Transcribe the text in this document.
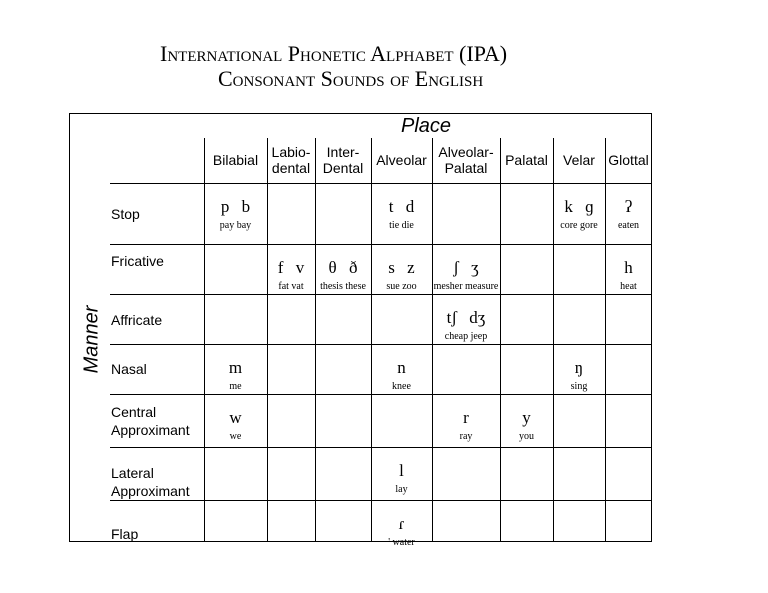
International Phonetic Alphabet (IPA)
Consonant Sounds of English
Place
Manner
Bilabial Labio-
dental
Inter-
Dental Alveolar Alveolar-
Palatal	Palatal	Velar Glottal
Stop
Fricative
Affricate
Nasal
Central
Approximant
Lateral
Approximant
Flap
p b
pay bay
t d
tie die
k ɡ
core gore
ʔ
eaten
f v
fat vat
θ ð
thesis these
s z
sue zoo
ʃ ʒ
mesher measure
h
heat
tʃ dʒ
cheap jeep
m
me
n
knee
ŋ
sing
w
we
r
ray
y
you
l
lay
ɾ
' water
